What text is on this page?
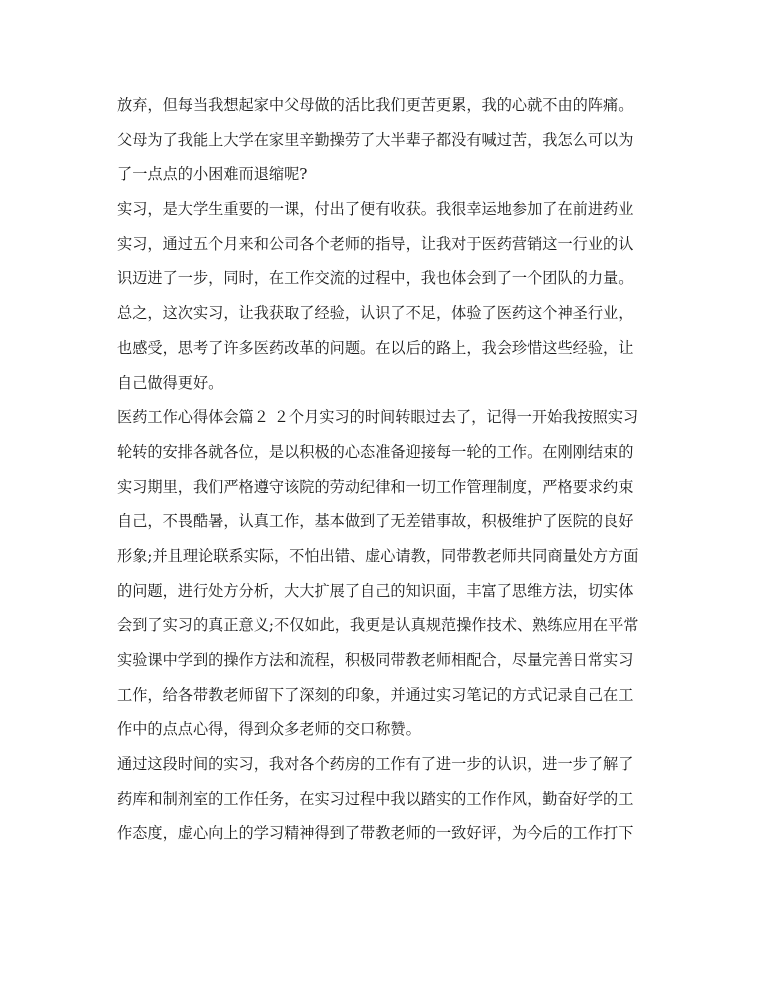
放弃，但每当我想起家中父母做的活比我们更苦更累，我的心就不由的阵痛。
父母为了我能上大学在家里辛勤操劳了大半辈子都没有喊过苦，我怎么可以为
了一点点的小困难而退缩呢?
实习，是大学生重要的一课，付出了便有收获。我很幸运地参加了在前进药业
实习，通过五个月来和公司各个老师的指导，让我对于医药营销这一行业的认
识迈进了一步，同时，在工作交流的过程中，我也体会到了一个团队的力量。
总之，这次实习，让我获取了经验，认识了不足，体验了医药这个神圣行业，
也感受，思考了许多医药改革的问题。在以后的路上，我会珍惜这些经验，让
自己做得更好。
医药工作心得体会篇２ ２个月实习的时间转眼过去了，记得一开始我按照实习
轮转的安排各就各位，是以积极的心态准备迎接每一轮的工作。在刚刚结束的
实习期里，我们严格遵守该院的劳动纪律和一切工作管理制度，严格要求约束
自己，不畏酷暑，认真工作，基本做到了无差错事故，积极维护了医院的良好
形象;并且理论联系实际，不怕出错、虚心请教，同带教老师共同商量处方方面
的问题，进行处方分析，大大扩展了自己的知识面，丰富了思维方法，切实体
会到了实习的真正意义;不仅如此，我更是认真规范操作技术、熟练应用在平常
实验课中学到的操作方法和流程，积极同带教老师相配合，尽量完善日常实习
工作，给各带教老师留下了深刻的印象，并通过实习笔记的方式记录自己在工
作中的点点心得，得到众多老师的交口称赞。
通过这段时间的实习，我对各个药房的工作有了进一步的认识，进一步了解了
药库和制剂室的工作任务，在实习过程中我以踏实的工作作风，勤奋好学的工
作态度，虚心向上的学习精神得到了带教老师的一致好评，为今后的工作打下
